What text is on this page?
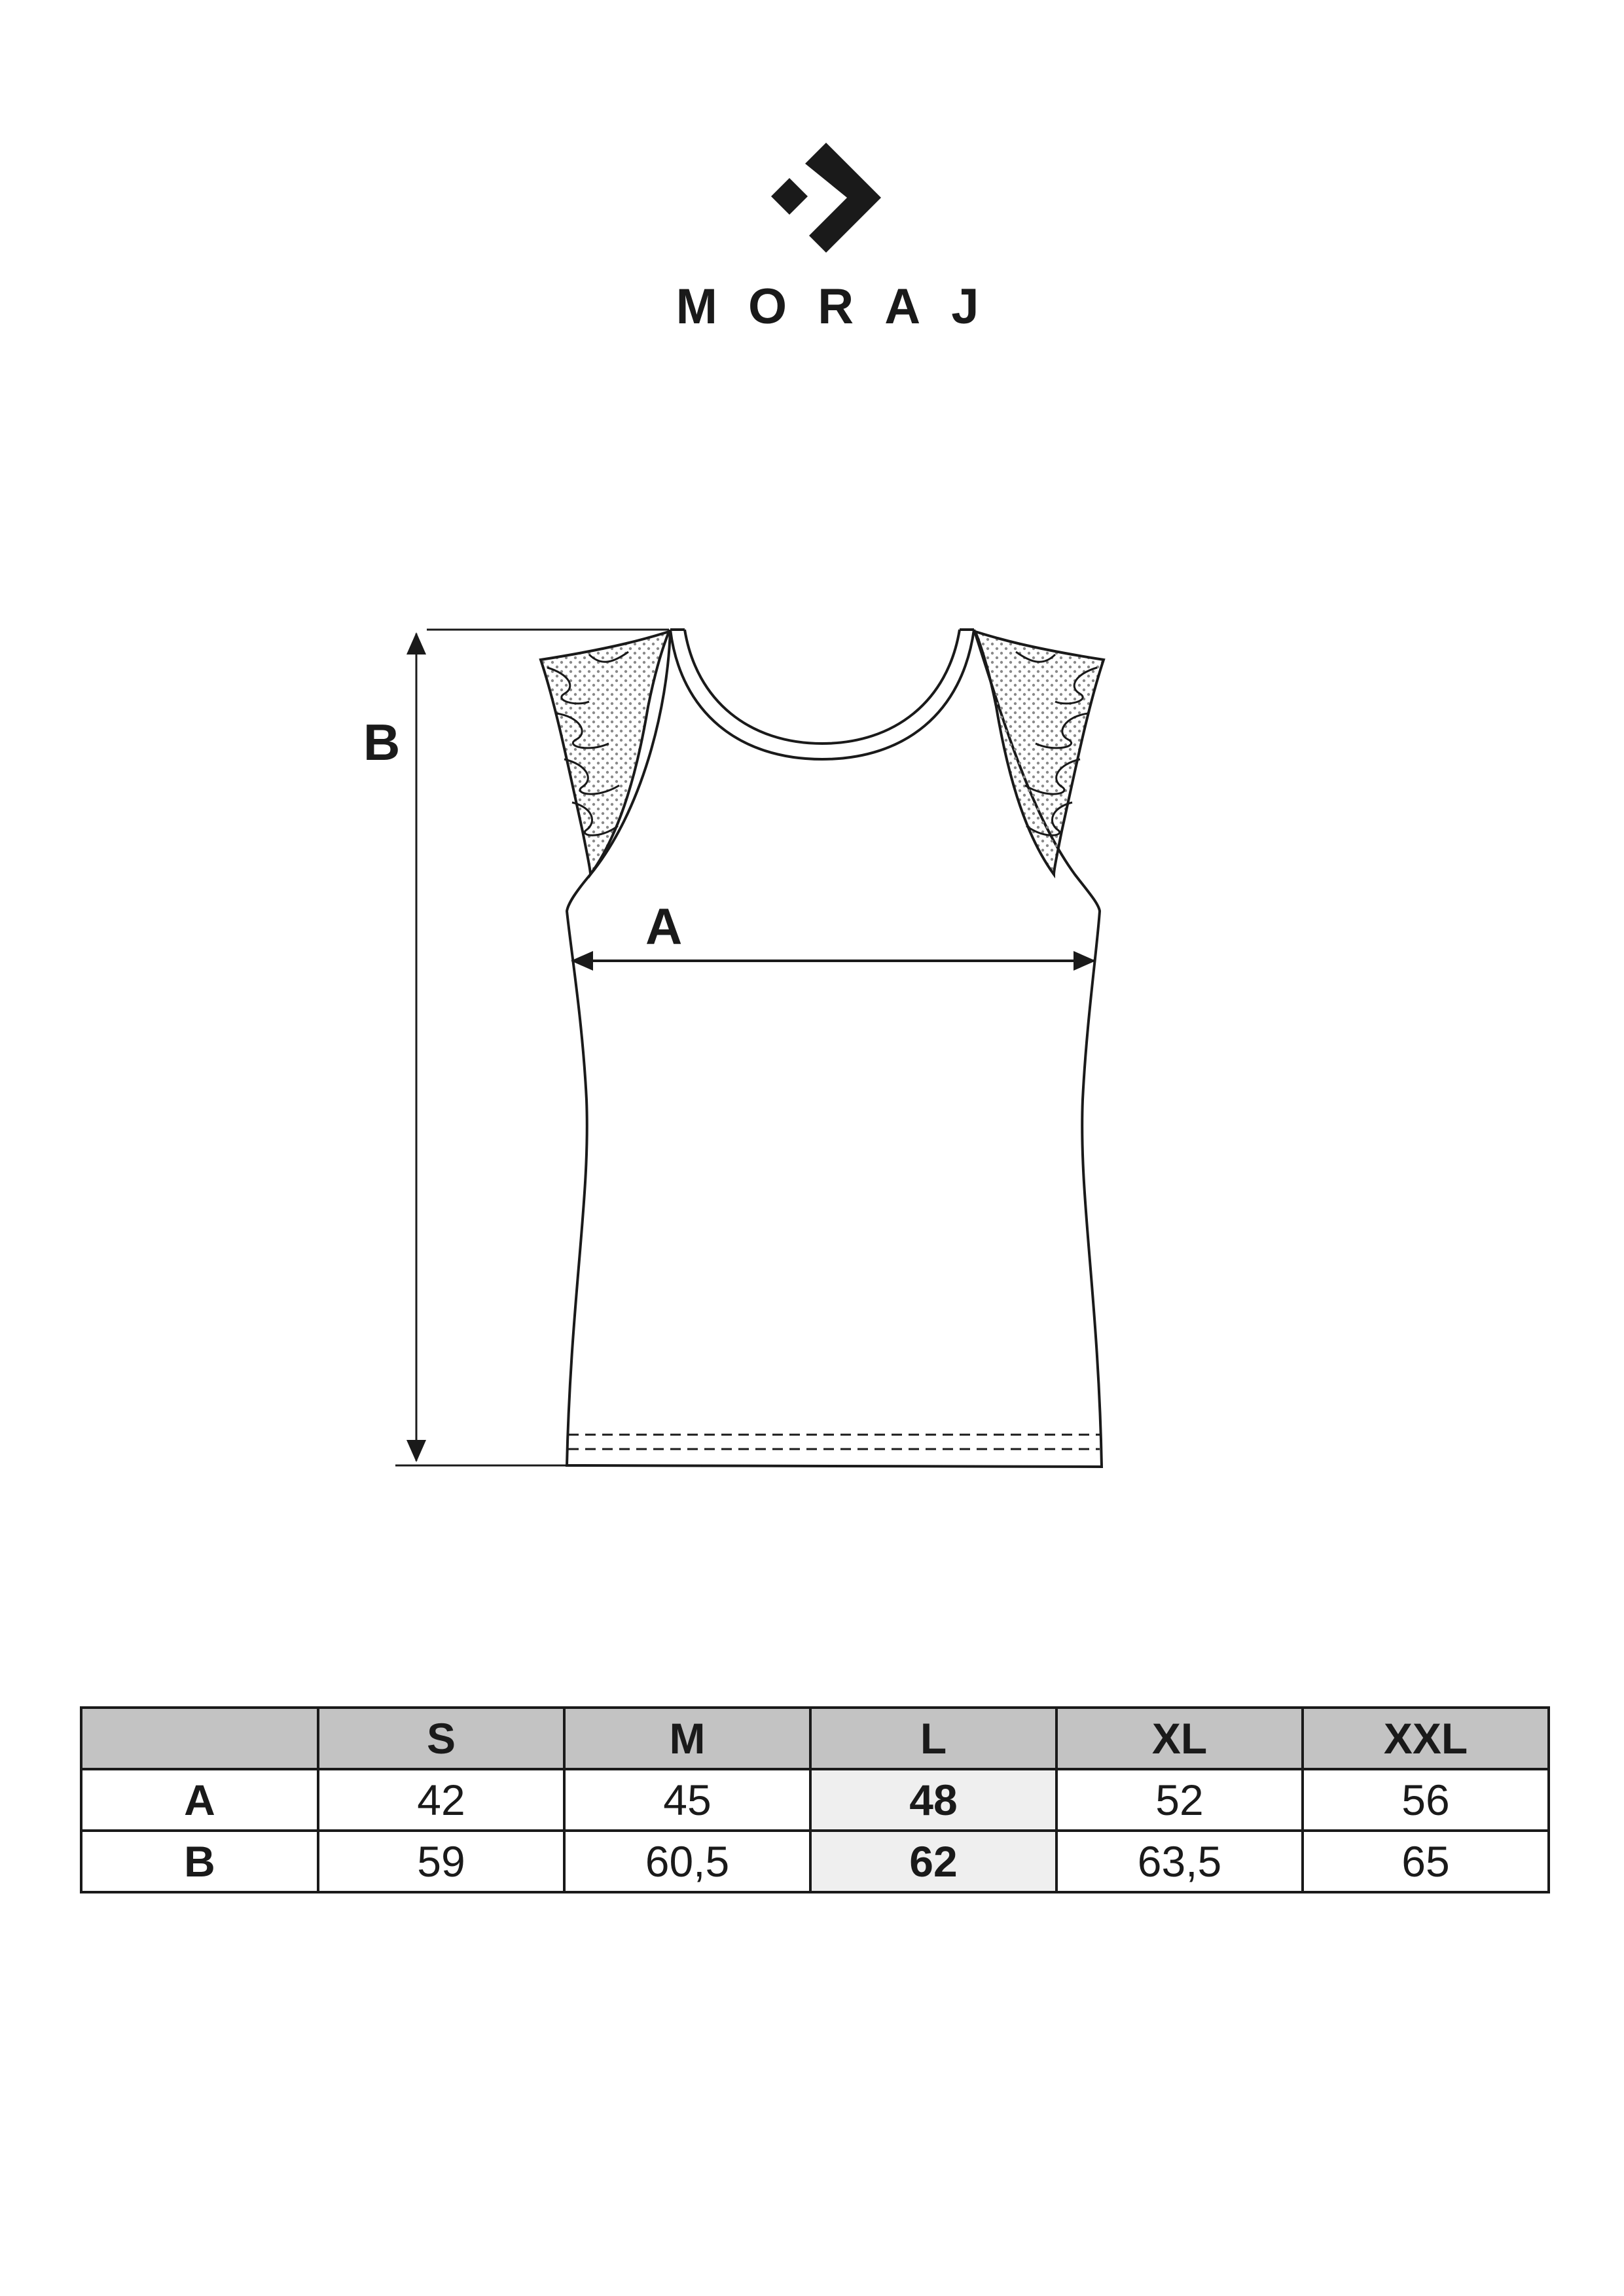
MORAJ
B
A
	S	M	L	XL	XXL
A	42	45	48	52	56
B	59	60,5	62	63,5	65
